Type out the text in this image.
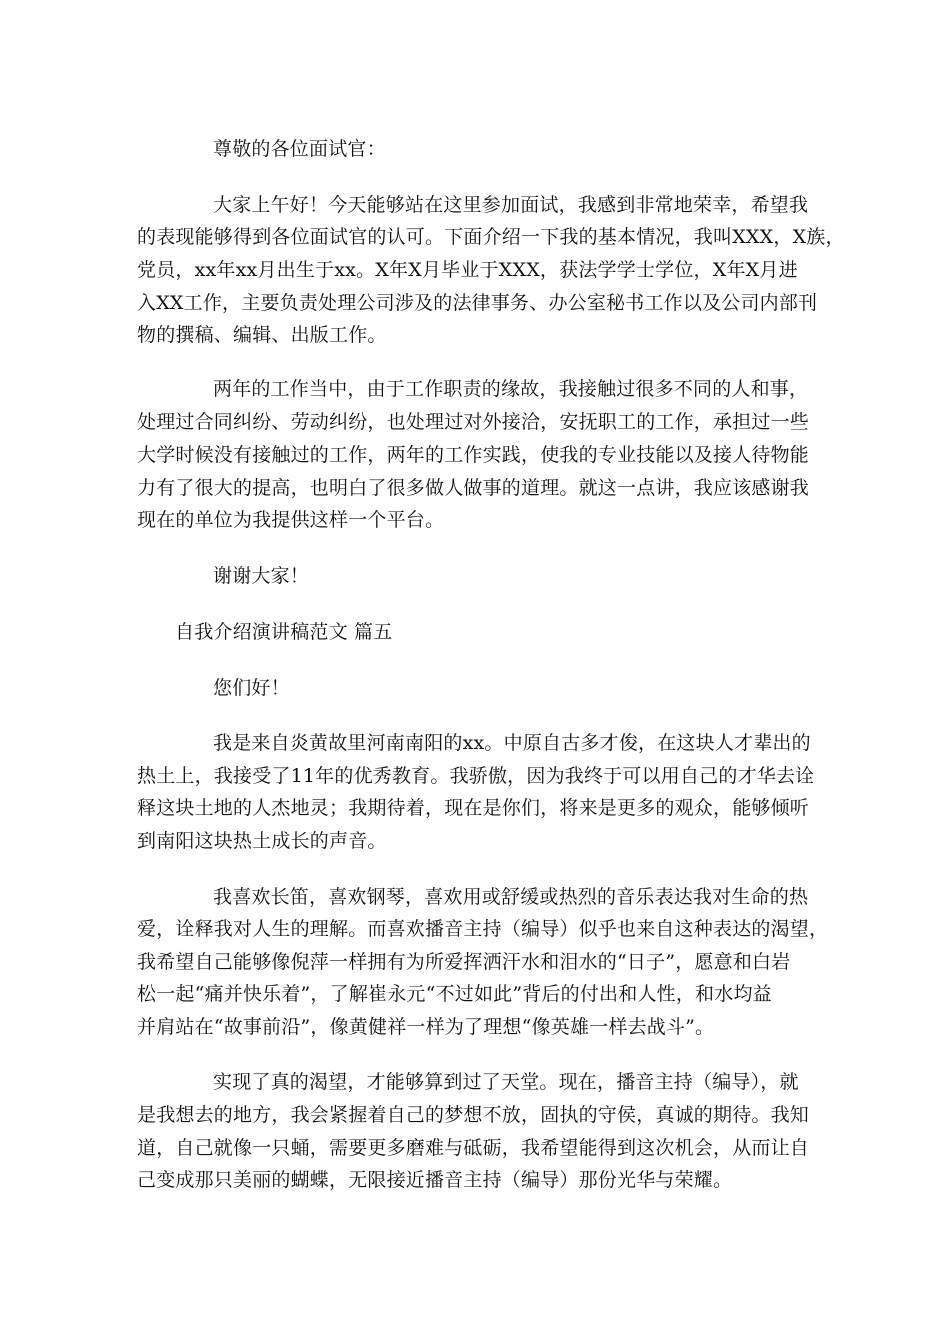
尊敬的各位面试官：
大家上午好！今天能够站在这里参加面试，我感到非常地荣幸，希望我
的表现能够得到各位面试官的认可。下面介绍一下我的基本情况，我叫XXX，X族，
党员，xx年xx月出生于xx。X年X月毕业于XXX，获法学学士学位，X年X月进
入XX工作，主要负责处理公司涉及的法律事务、办公室秘书工作以及公司内部刊
物的撰稿、编辑、出版工作。
两年的工作当中，由于工作职责的缘故，我接触过很多不同的人和事，
处理过合同纠纷、劳动纠纷，也处理过对外接洽，安抚职工的工作，承担过一些
大学时候没有接触过的工作，两年的工作实践，使我的专业技能以及接人待物能
力有了很大的提高，也明白了很多做人做事的道理。就这一点讲，我应该感谢我
现在的单位为我提供这样一个平台。
谢谢大家！
自我介绍演讲稿范文 篇五
您们好！
我是来自炎黄故里河南南阳的xx。中原自古多才俊，在这块人才辈出的
热土上，我接受了11年的优秀教育。我骄傲，因为我终于可以用自己的才华去诠
释这块土地的人杰地灵；我期待着，现在是你们，将来是更多的观众，能够倾听
到南阳这块热土成长的声音。
我喜欢长笛，喜欢钢琴，喜欢用或舒缓或热烈的音乐表达我对生命的热
爱，诠释我对人生的理解。而喜欢播音主持（编导）似乎也来自这种表达的渴望，
我希望自己能够像倪萍一样拥有为所爱挥洒汗水和泪水的“日子”，愿意和白岩
松一起“痛并快乐着”，了解崔永元“不过如此”背后的付出和人性，和水均益
并肩站在“故事前沿”，像黄健祥一样为了理想“像英雄一样去战斗”。
实现了真的渴望，才能够算到过了天堂。现在，播音主持（编导），就
是我想去的地方，我会紧握着自己的梦想不放，固执的守侯，真诚的期待。我知
道，自己就像一只蛹，需要更多磨难与砥砺，我希望能得到这次机会，从而让自
己变成那只美丽的蝴蝶，无限接近播音主持（编导）那份光华与荣耀。
